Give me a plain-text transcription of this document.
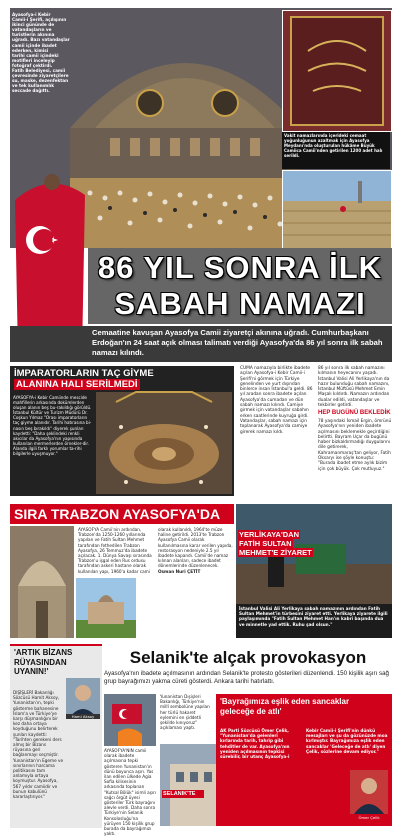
Vakit namazlarında içerideki cemaat yoğunluğunun azaltmak için Ayasofya Meydanı'nda oluşturulan hükâme Büyük Camiica Camii'nden getirilen 1200 adet halı serildi.
Ayasofya-i Kebir
Camii-i Şerifi, açılışının
ikinci gününde de
vatandaşların ve
turistlerin akınına
uğradı. Bazı vatandaşlar
camii içinde ibadet
ederken, kimisi
tarihi camii içindeki
motifleri inceleyip
fotoğraf çektirdi.
Fatih Belediyesi, camii
çevresinde ziyaretçilere
su, maske, dezenfektan
ve tek kullanımlık
seccade dağıttı.
86 YIL SONRA İLK
SABAH NAMAZI
Cemaatine kavuşan Ayasofya Camii ziyaretçi akınına uğradı. Cumhurbaşkanı Erdoğan'ın 24 saat açık olması talimatı verdiği Ayasofya'da 86 yıl sonra ilk sabah namazı kılındı.
İMPARATORLARIN TAÇ GİYME
ALANINA HALI SERİLMEDİ
AYASOFYA-i Kebir Camiinde mescide mahfillerin arkasında dokümlerden oluşan alanın beş bu-rakıldığı görüldü. İstanbul Kültür ve Turizm Müdürü Dr. Coşkun Yılmaz "Orası imparatorların taç giyme alanıdır. Tarihi hatırasına bi-nasın beş bırakıldı" diyerek şunları kaydetti: "Daha şeklindeki renkli akıcılar da Ayasofya'nın yapısında kullanılan mermerlerden örnekler-dir. Alanda ilgili farklı yorumlar ta-rihi bilgilerle uyuşmuyor."
CUMA namazıyla birlikte ibadete açılan Ayasofya-i Kebir Camii-i Şerifi'ni görmek için Türkiye genelinden ve yurt dışından binlerce insan İstanbul'a geldi. 86 yıl aradan sonra ibadete açılan Ayasofya'da cumadan ve dün sabah namazı kılındı. Camiye girmek için vatandaşlar sabahın erken saatlerinde kuyruğa girdi. Vatandaşlar, sabah namazı için toplanarak Ayasofya'da camiye girerek namazı kıldı.
86 yıl sonra ilk sabah namazını kılmanın heyecanını yaşadı. İstanbul Valisi Ali Yerlikaya'nın da hazır bulunduğu sabah namazını, İstanbul Müftüsü Mehmet Emin Maşalı kıldırdı. Namazın ardından dualar edildi, vatandaşlar ve tekbirler getirdi.
HEP BUGÜNÜ BEKLEDİK
78 yaşındaki İsmail Ergin, ömrünü Ayasofya'nın yeniden ibadete açılmasını beklemekle geçirdiğini belirtti. Bayram Uçar da bugünü haber bizkaldırmadığı duygularını dile getirerek, Kahramanmaraş'tan geliyor, Fatih Oksaryı ise şöyle konuştu: "Burada ibadet etme aylık bizim için çok büyük. Çok mutluyuz."
SIRA TRABZON AYASOFYA'DA
AYASOFYA Camii'nin ardından, Trabzon'da 1250-1260 yıllarında yapılan ve Fatih Sultan Mehmet tarafından fethedilen Trabzon Ayasofya, 26 Temmuz'da ibadete açılacak. 1. Dünya Savaşı sırasında Trabzon'u işgal eden Rus ordusu tarafından askeri hastane olarak kullanılan yapı, 1960'a kadar cami olarak kullanıldı, 1964'te müze haline getirildi. 2013'te Trabzon Ayasofya Camii olarak kullanılmasına karar verilen yapıda, restorasyon nedeniyle 2.5 yıl ibadete kapandı. Camii'de namaz kılınan alanları, sadece ibadet dönemlerinde düzenlenecek. Osman Nuri ÇETİT
YERLİKAYA'DAN FATİH SULTAN MEHMET'E ZİYARET
İstanbul Valisi Ali Yerlikaya sabah namazının ardından Fatih Sultan Mehmet'in türbesini ziyaret etti. Yerlikaya ziyarete ilgili paylaşımında "Fatih Sultan Mehmet Han'ın kabri başında dua ve minnetle yad ettik. Ruhu şad olsun."
'ARTIK BİZANS RÜYASINDAN UYANIN!'
Hami Aksoy
DIŞİŞLERİ Bakanlığı Sözcüsü Hamit Aksoy, Yunanistan'ın, tepki gösterme bahanesine İslam'a ve Türkiye'ye karşı düşmanlığını bir kez daha ortaya koyduğunu belirterek şunları kaydetti: "Tarihten gerekeni ders almış bir Bizans rüyasına geri bağlanmayı seçmiştir. Yunanistan'ın Egeme ve sınırlarının harcama politikasını tam anlamıyla ortaya koymuştur. Ayasofya, 567 yıldır camiidir ve bunun kabulünü kararlaştırıyor."
Selanik'te alçak provokasyon
Ayasofya'nın ibadete açılmasının ardından Selanik'te protesto gösterileri düzenlendi. 150 kişilik aşırı sağ grup bayrağımızı yakma cüreti gösterdi. Ankara tarihi hatırlattı.
AYASOFYA'NIN camii olarak ibadete açılmasına tepki gösteren Yunanistan'ın dünü boyunca aşırı. Yas ilan edilen ülkede Agia Sofia kilisesinin arkasında toplanan "Kutsal Bölük" isimli aşırı sağcı örgüt üyesi gösteriler Türk bayrağını alevle verdi. Daha sonra Türkiye'nin Selanik Konsolosluğu'na yürüyen 150 kişilik grup burada da bayrağımızı yaktı.
Yunanistan Dışişleri Bakanlığı, Türkiye'nin millî sembolüne yapılan her türlü hakaret eylemini en şiddetli şekilde kınıyoruz" açıklaması yaptı.
SELANIK'TE
'Bayrağımıza eşlik eden sancaklar geleceğe de atlı'
AK Parti Sözcüsü Ömer Çelik, "Yunanistan'da gelenleri kırlarında tarih, tahrip gibi tehditler de var. Ayasofya'nın yeniden açılmasının tepkisi sürebilir, bir utanç Ayasofya-i Kebir Camii-i Şerifi'nin dünkü mesajları ve şu da gözünüzde moa kırlmıştır. Bayrağımıza eşlik eden sancaklar 'Geleceğe de atlı' diyen Çelik, sözlerine devam ediyor."
Ömer Çelik
